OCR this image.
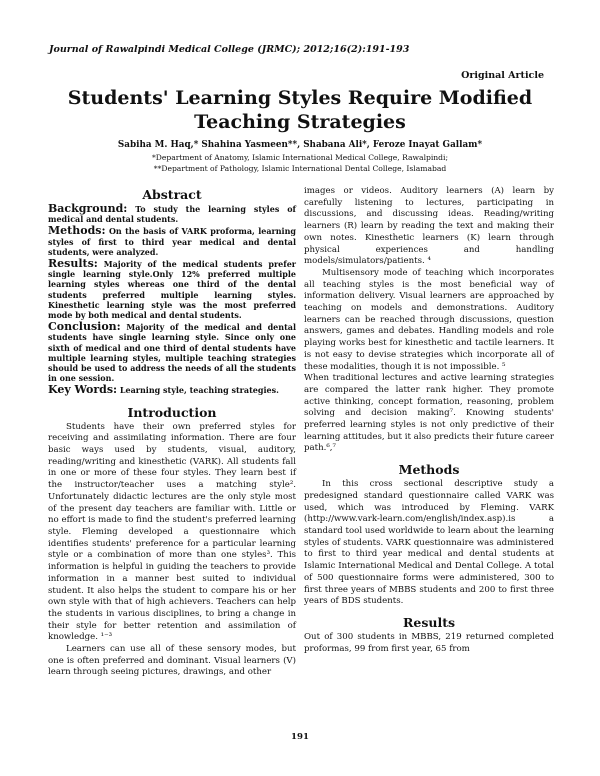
Journal of Rawalpindi Medical College (JRMC); 2012;16(2):191-193
Original Article
Students' Learning Styles Require Modified Teaching Strategies
Sabiha M. Haq,* Shahina Yasmeen**, Shabana Ali*, Feroze Inayat Gallam*
*Department of Anatomy, Islamic International Medical College, Rawalpindi;
**Department of Pathology, Islamic International Dental College, Islamabad
Abstract

Background: To study the learning styles of medical and dental students.

Methods: On the basis of VARK proforma, learning styles of first to third year medical and dental students, were analyzed.

Results: Majority of the medical students prefer single learning style.Only 12% preferred multiple learning styles whereas one third of the dental students preferred multiple learning styles. Kinesthetic learning style was the most preferred mode by both medical and dental students.

Conclusion: Majority of the medical and dental students have single learning style. Since only one sixth of medical and one third of dental students have multiple learning styles, multiple teaching strategies should be used to address the needs of all the students in one session.

Key Words: Learning style, teaching strategies.

Introduction

Students have their own preferred styles for receiving and assimilating information. There are four basic ways used by students, visual, auditory, reading/writing and kinesthetic (VARK). All students fall in one or more of these four styles. They learn best if the instructor/teacher uses a matching style². Unfortunately didactic lectures are the only style most of the present day teachers are familiar with. Little or no effort is made to find the student's preferred learning style. Fleming developed a questionnaire which identifies students' preference for a particular learning style or a combination of more than one styles³. This information is helpful in guiding the teachers to provide information in a manner best suited to individual student. It also helps the student to compare his or her own style with that of high achievers. Teachers can help the students in various disciplines, to bring a change in their style for better retention and assimilation of knowledge. ¹⁻³

Learners can use all of these sensory modes, but one is often preferred and dominant. Visual learners (V) learn through seeing pictures, drawings, and other

images or videos. Auditory learners (A) learn by carefully listening to lectures, participating in discussions, and discussing ideas. Reading/writing learners (R) learn by reading the text and making their own notes. Kinesthetic learners (K) learn through physical experiences and handling models/simulators/patients. ⁴

Multisensory mode of teaching which incorporates all teaching styles is the most beneficial way of information delivery. Visual learners are approached by teaching on models and demonstrations. Auditory learners can be reached through discussions, question answers, games and debates. Handling models and role playing works best for kinesthetic and tactile learners. It is not easy to devise strategies which incorporate all of these modalities, though it is not impossible. ⁵

When traditional lectures and active learning strategies are compared the latter rank higher. They promote active thinking, concept formation, reasoning, problem solving and decision making⁷. Knowing students' preferred learning styles is not only predictive of their learning attitudes, but it also predicts their future career path.⁶,⁷

Methods

In this cross sectional descriptive study a predesigned standard questionnaire called VARK was used, which was introduced by Fleming. VARK (http://www.vark-learn.com/english/index.asp).is a standard tool used worldwide to learn about the learning styles of students. VARK questionnaire was administered to first to third year medical and dental students at Islamic International Medical and Dental College. A total of 500 questionnaire forms were administered, 300 to first three years of MBBS students and 200 to first three years of BDS students.

Results

Out of 300 students in MBBS, 219 returned completed proformas, 99 from first year, 65 from

191
